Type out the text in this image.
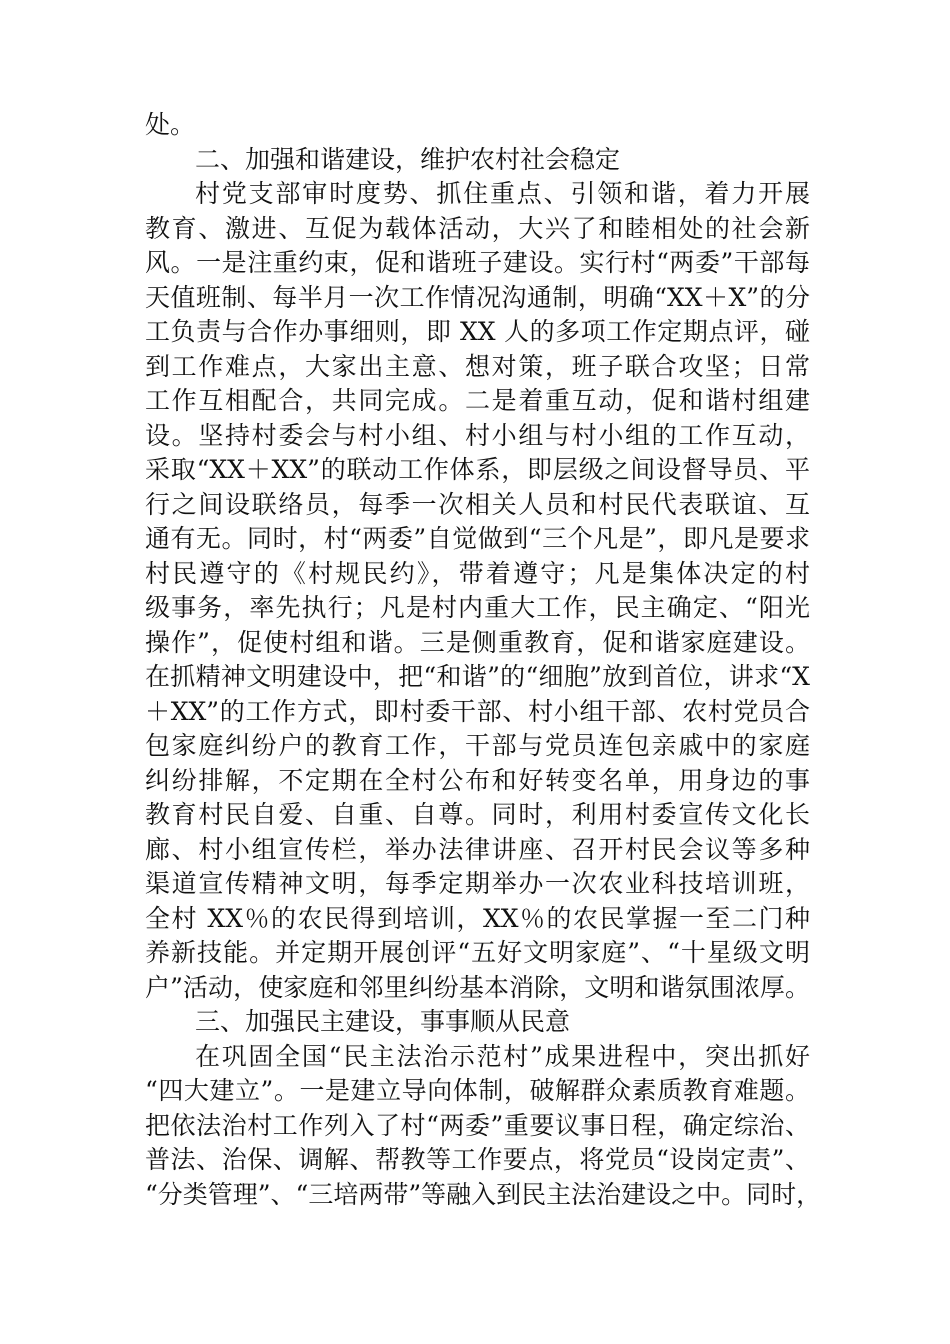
处。
二、加强和谐建设，维护农村社会稳定
村党支部审时度势、抓住重点、引领和谐，着力开展
教育、激进、互促为载体活动，大兴了和睦相处的社会新
风。一是注重约束，促和谐班子建设。实行村“两委”干部每
天值班制、每半月一次工作情况沟通制，明确“XX＋X”的分
工负责与合作办事细则，即 XX 人的多项工作定期点评，碰
到工作难点，大家出主意、想对策，班子联合攻坚；日常
工作互相配合，共同完成。二是着重互动，促和谐村组建
设。坚持村委会与村小组、村小组与村小组的工作互动，
采取“XX＋XX”的联动工作体系，即层级之间设督导员、平
行之间设联络员，每季一次相关人员和村民代表联谊、互
通有无。同时，村“两委”自觉做到“三个凡是”，即凡是要求
村民遵守的《村规民约》，带着遵守；凡是集体决定的村
级事务，率先执行；凡是村内重大工作，民主确定、“阳光
操作”，促使村组和谐。三是侧重教育，促和谐家庭建设。
在抓精神文明建设中，把“和谐”的“细胞”放到首位，讲求“X
＋XX”的工作方式，即村委干部、村小组干部、农村党员合
包家庭纠纷户的教育工作，干部与党员连包亲戚中的家庭
纠纷排解，不定期在全村公布和好转变名单，用身边的事
教育村民自爱、自重、自尊。同时，利用村委宣传文化长
廊、村小组宣传栏，举办法律讲座、召开村民会议等多种
渠道宣传精神文明，每季定期举办一次农业科技培训班，
全村 XX％的农民得到培训，XX％的农民掌握一至二门种
养新技能。并定期开展创评“五好文明家庭”、“十星级文明
户”活动，使家庭和邻里纠纷基本消除，文明和谐氛围浓厚。
三、加强民主建设，事事顺从民意
在巩固全国“民主法治示范村”成果进程中，突出抓好
“四大建立”。一是建立导向体制，破解群众素质教育难题。
把依法治村工作列入了村“两委”重要议事日程，确定综治、
普法、治保、调解、帮教等工作要点，将党员“设岗定责”、
“分类管理”、“三培两带”等融入到民主法治建设之中。同时，
